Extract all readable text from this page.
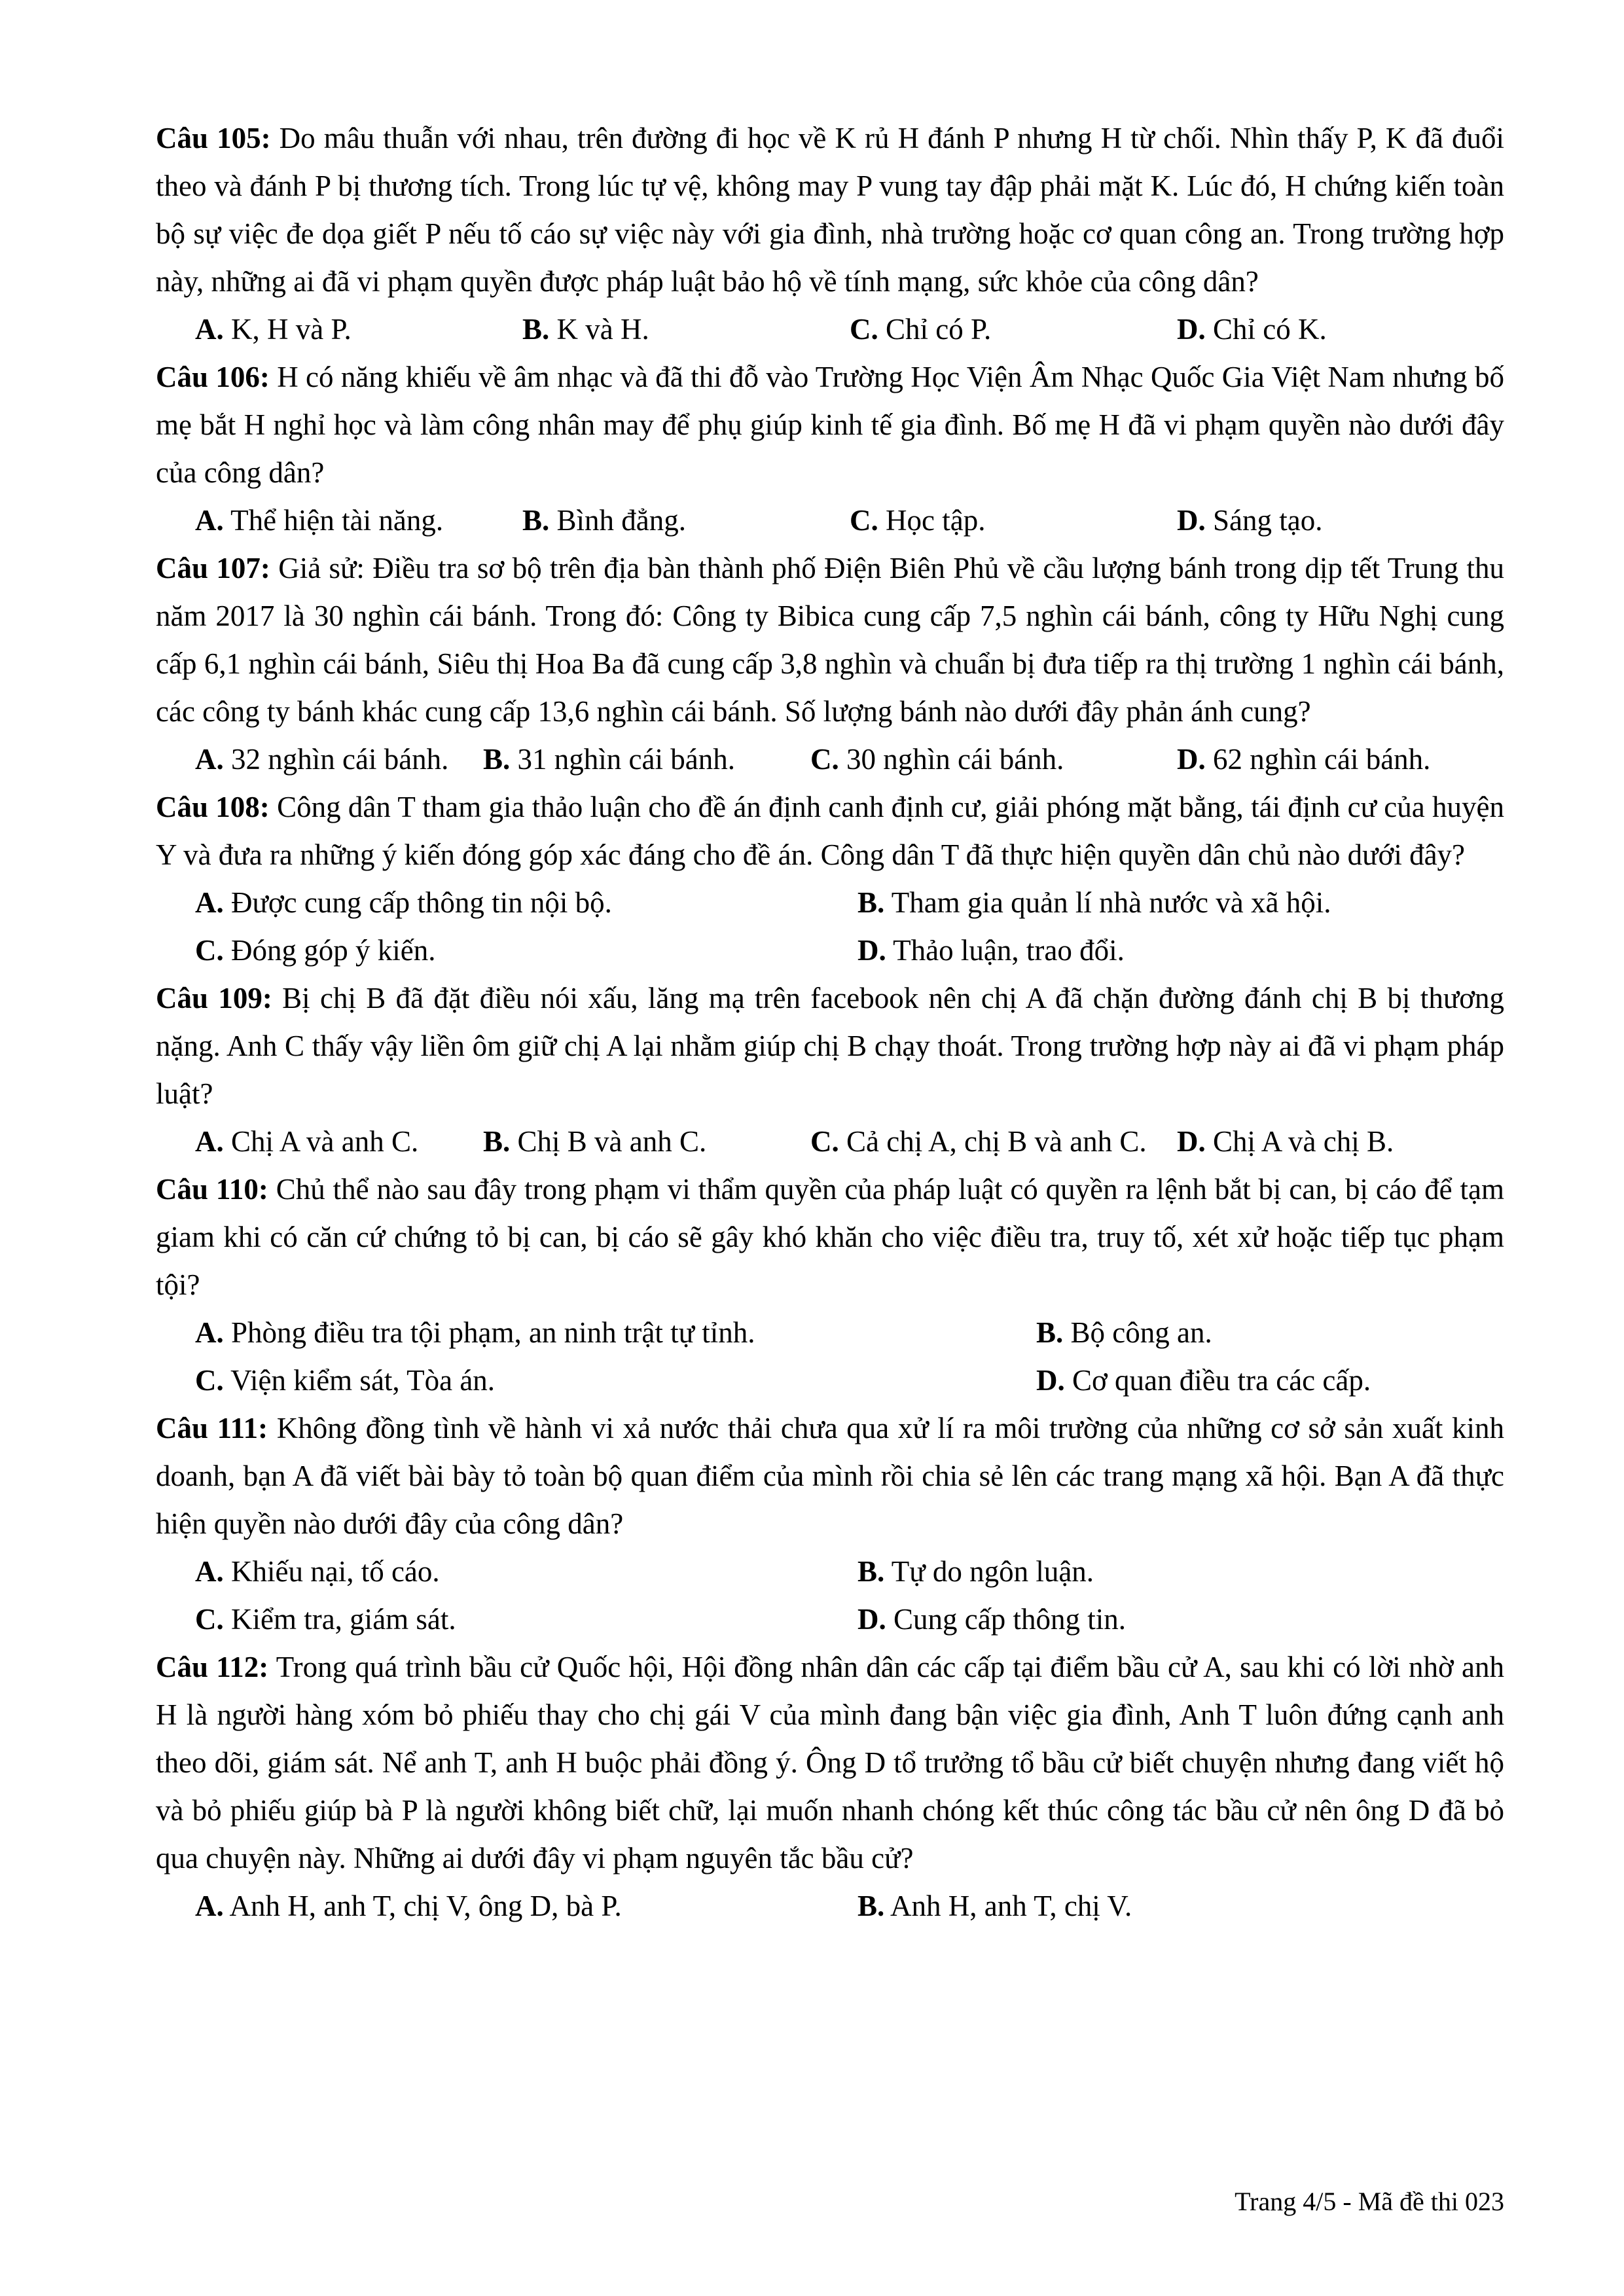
Câu 105: Do mâu thuẫn với nhau, trên đường đi học về K rủ H đánh P nhưng H từ chối. Nhìn thấy P, K đã đuổi theo và đánh P bị thương tích. Trong lúc tự vệ, không may P vung tay đập phải mặt K. Lúc đó, H chứng kiến toàn bộ sự việc đe dọa giết P nếu tố cáo sự việc này với gia đình, nhà trường hoặc cơ quan công an. Trong trường hợp này, những ai đã vi phạm quyền được pháp luật bảo hộ về tính mạng, sức khỏe của công dân?
A. K, H và P.	B. K và H.	C. Chỉ có P.	D. Chỉ có K.
Câu 106: H có năng khiếu về âm nhạc và đã thi đỗ vào Trường Học Viện Âm Nhạc Quốc Gia Việt Nam nhưng bố mẹ bắt H nghỉ học và làm công nhân may để phụ giúp kinh tế gia đình. Bố mẹ H đã vi phạm quyền nào dưới đây của công dân?
A. Thể hiện tài năng.	B. Bình đẳng.	C. Học tập.	D. Sáng tạo.
Câu 107: Giả sử: Điều tra sơ bộ trên địa bàn thành phố Điện Biên Phủ về cầu lượng bánh trong dịp tết Trung thu năm 2017 là 30 nghìn cái bánh. Trong đó: Công ty Bibica cung cấp 7,5 nghìn cái bánh, công ty Hữu Nghị cung cấp 6,1 nghìn cái bánh, Siêu thị Hoa Ba đã cung cấp 3,8 nghìn và chuẩn bị đưa tiếp ra thị trường 1 nghìn cái bánh, các công ty bánh khác cung cấp 13,6 nghìn cái bánh. Số lượng bánh nào dưới đây phản ánh cung?
A. 32 nghìn cái bánh.	B. 31 nghìn cái bánh.	C. 30 nghìn cái bánh.	D. 62 nghìn cái bánh.
Câu 108: Công dân T tham gia thảo luận cho đề án định canh định cư, giải phóng mặt bằng, tái định cư của huyện Y và đưa ra những ý kiến đóng góp xác đáng cho đề án. Công dân T đã thực hiện quyền dân chủ nào dưới đây?
A. Được cung cấp thông tin nội bộ.	B. Tham gia quản lí nhà nước và xã hội.
C. Đóng góp ý kiến.	D. Thảo luận, trao đổi.
Câu 109: Bị chị B đã đặt điều nói xấu, lăng mạ trên facebook nên chị A đã chặn đường đánh chị B bị thương nặng. Anh C thấy vậy liền ôm giữ chị A lại nhằm giúp chị B chạy thoát. Trong trường hợp này ai đã vi phạm pháp luật?
A. Chị A và anh C.	B. Chị B và anh C.	C. Cả chị A, chị B và anh C.	D. Chị A và chị B.
Câu 110: Chủ thể nào sau đây trong phạm vi thẩm quyền của pháp luật có quyền ra lệnh bắt bị can, bị cáo để tạm giam khi có căn cứ chứng tỏ bị can, bị cáo sẽ gây khó khăn cho việc điều tra, truy tố, xét xử hoặc tiếp tục phạm tội?
A. Phòng điều tra tội phạm, an ninh trật tự tỉnh.	B. Bộ công an.
C. Viện kiểm sát, Tòa án.	D. Cơ quan điều tra các cấp.
Câu 111: Không đồng tình về hành vi xả nước thải chưa qua xử lí ra môi trường của những cơ sở sản xuất kinh doanh, bạn A đã viết bài bày tỏ toàn bộ quan điểm của mình rồi chia sẻ lên các trang mạng xã hội. Bạn A đã thực hiện quyền nào dưới đây của công dân?
A. Khiếu nại, tố cáo.	B. Tự do ngôn luận.
C. Kiểm tra, giám sát.	D. Cung cấp thông tin.
Câu 112: Trong quá trình bầu cử Quốc hội, Hội đồng nhân dân các cấp tại điểm bầu cử A, sau khi có lời nhờ anh H là người hàng xóm bỏ phiếu thay cho chị gái V của mình đang bận việc gia đình, Anh T luôn đứng cạnh anh theo dõi, giám sát. Nể anh T, anh H buộc phải đồng ý. Ông D tổ trưởng tổ bầu cử biết chuyện nhưng đang viết hộ và bỏ phiếu giúp bà P là người không biết chữ, lại muốn nhanh chóng kết thúc công tác bầu cử nên ông D đã bỏ qua chuyện này. Những ai dưới đây vi phạm nguyên tắc bầu cử?
A. Anh H, anh T, chị V, ông D, bà P.	B. Anh H, anh T, chị V.
Trang 4/5 - Mã đề thi 023
